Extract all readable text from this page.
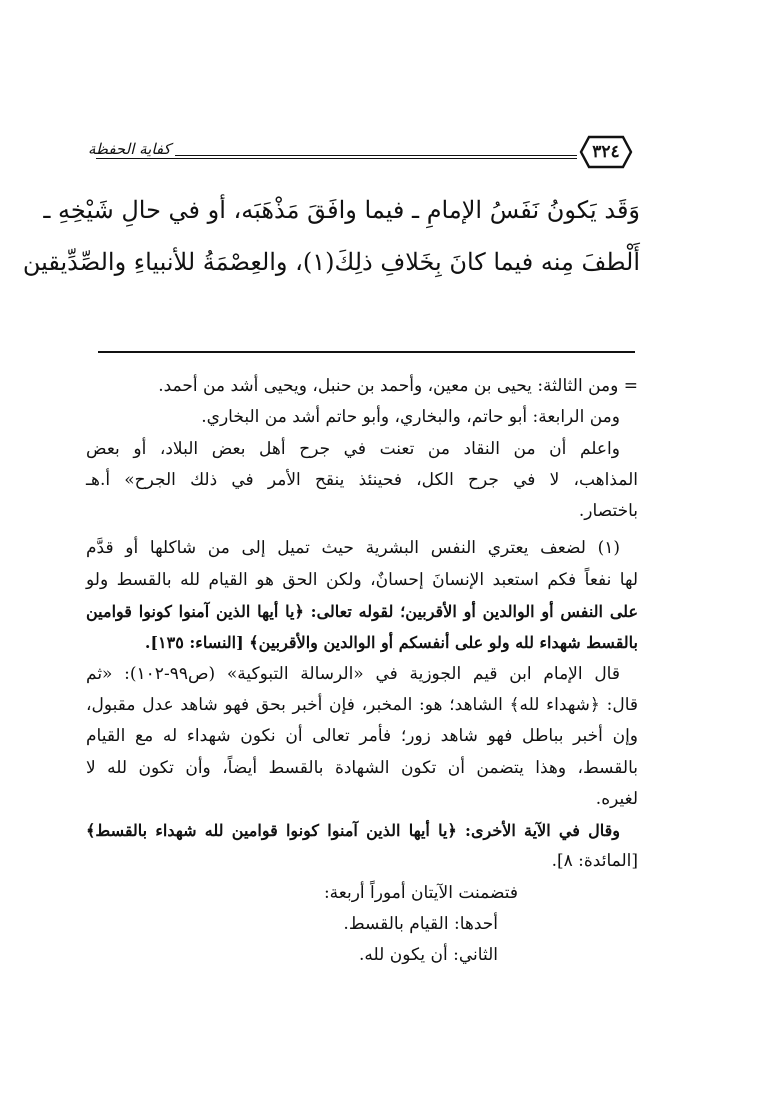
كفاية الحفظة	٣٢٤
وَقَد يَكونُ نَفَسُ الإمامِ ـ فيما وافَقَ مَذْهَبَه، أو في حالِ شَيْخِهِ ـ
أَلْطفَ مِنه فيما كانَ بِخَلافِ ذلِكَ(١)، والعِصْمَةُ للأنبياءِ والصِّدِّيقين
= ومن الثالثة: يحيى بن معين، وأحمد بن حنبل، ويحيى أشد من أحمد.
ومن الرابعة: أبو حاتم، والبخاري، وأبو حاتم أشد من البخاري.
واعلم أن من النقاد من تعنت في جرح أهل بعض البلاد، أو بعض
المذاهب، لا في جرح الكل، فحينئذ ينقح الأمر في ذلك الجرح» أ.هـ
باختصار.
(١) لضعف يعتري النفس البشرية حيث تميل إلى من شاكلها أو قدَّم
لها نفعاً فكم استعبد الإنسانَ إحسانٌ، ولكن الحق هو القيام لله بالقسط ولو
على النفس أو الوالدين أو الأقربين؛ لقوله تعالى: ﴿يا أيها الذين آمنوا كونوا قوامين
بالقسط شهداء لله ولو على أنفسكم أو الوالدين والأقربين﴾ [النساء: ١٣٥].
قال الإمام ابن قيم الجوزية في «الرسالة التبوكية» (ص٩٩-١٠٢): «ثم
قال: ﴿شهداء لله﴾ الشاهد؛ هو: المخبر، فإن أخبر بحق فهو شاهد عدل مقبول،
وإن أخبر بباطل فهو شاهد زور؛ فأمر تعالى أن نكون شهداء له مع القيام
بالقسط، وهذا يتضمن أن تكون الشهادة بالقسط أيضاً، وأن تكون لله لا
لغيره.
وقال في الآية الأخرى: ﴿يا أيها الذين آمنوا كونوا قوامين لله شهداء بالقسط﴾
[المائدة: ٨].
فتضمنت الآيتان أموراً أربعة:
أحدها: القيام بالقسط.
الثاني: أن يكون لله.
